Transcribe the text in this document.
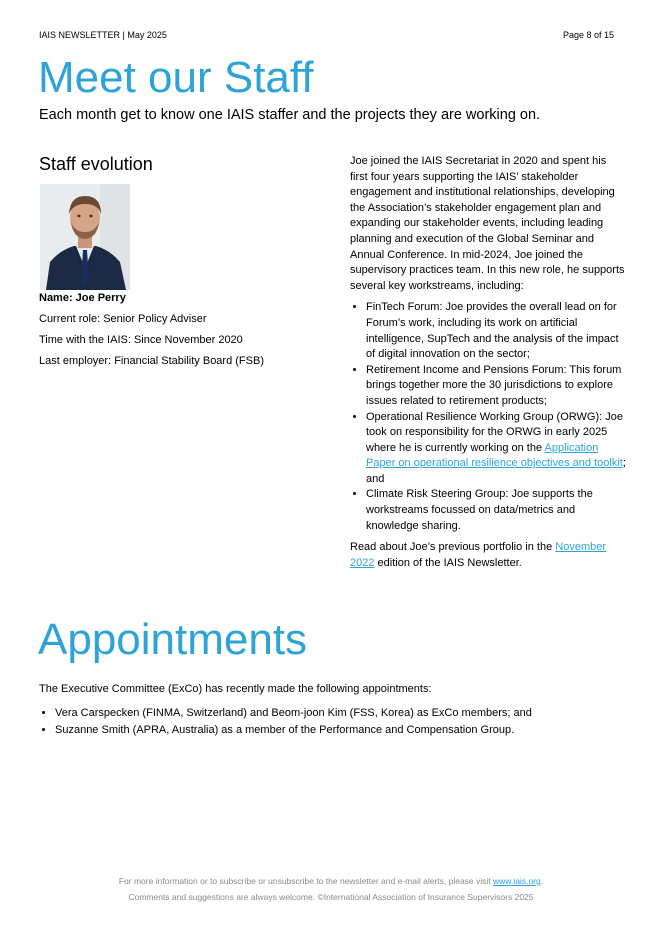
IAIS NEWSLETTER | May 2025	Page 8 of 15
Meet our Staff
Each month get to know one IAIS staffer and the projects they are working on.
Staff evolution
Name: Joe Perry
Current role: Senior Policy Adviser
Time with the IAIS: Since November 2020
Last employer: Financial Stability Board (FSB)

Joe joined the IAIS Secretariat in 2020 and spent his first four years supporting the IAIS’ stakeholder engagement and institutional relationships, developing the Association’s stakeholder engagement plan and expanding our stakeholder events, including leading planning and execution of the Global Seminar and Annual Conference. In mid-2024, Joe joined the supervisory practices team. In this new role, he supports several key workstreams, including:

• FinTech Forum: Joe provides the overall lead on for Forum’s work, including its work on artificial intelligence, SupTech and the analysis of the impact of digital innovation on the sector;
• Retirement Income and Pensions Forum: This forum brings together more the 30 jurisdictions to explore issues related to retirement products;
• Operational Resilience Working Group (ORWG): Joe took on responsibility for the ORWG in early 2025 where he is currently working on the Application Paper on operational resilience objectives and toolkit; and
• Climate Risk Steering Group: Joe supports the workstreams focussed on data/metrics and knowledge sharing.

Read about Joe’s previous portfolio in the November 2022 edition of the IAIS Newsletter.

Appointments
The Executive Committee (ExCo) has recently made the following appointments:
• Vera Carspecken (FINMA, Switzerland) and Beom-joon Kim (FSS, Korea) as ExCo members; and
• Suzanne Smith (APRA, Australia) as a member of the Performance and Compensation Group.
For more information or to subscribe or unsubscribe to the newsletter and e-mail alerts, please visit www.iais.org.
Comments and suggestions are always welcome. ©International Association of Insurance Supervisors 2025
